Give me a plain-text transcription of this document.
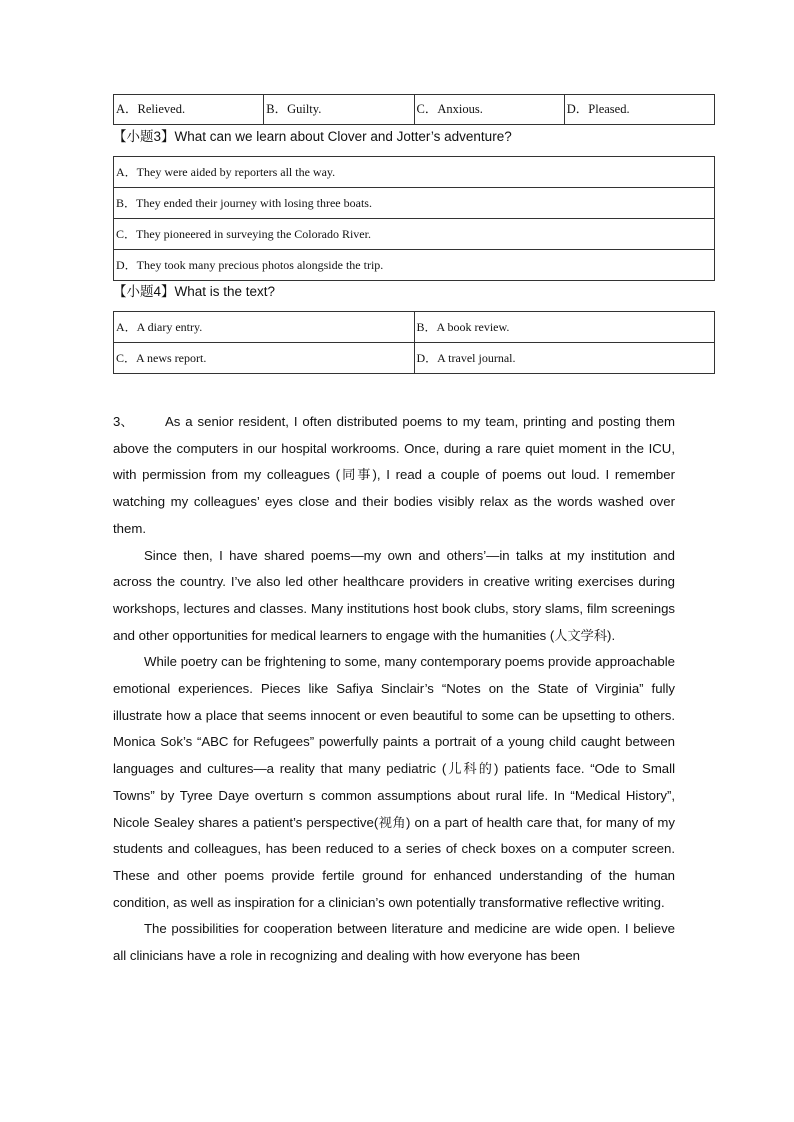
A．Relieved.	B．Guilty.	C．Anxious.	D．Pleased.
【小题3】What can we learn about Clover and Jotter’s adventure?
A．They were aided by reporters all the way.
B．They ended their journey with losing three boats.
C．They pioneered in surveying the Colorado River.
D．They took many precious photos alongside the trip.
【小题4】What is the text?
A．A diary entry.	B．A book review.
C．A news report.	D．A travel journal.

3、 As a senior resident, I often distributed poems to my team, printing and posting them above the computers in our hospital workrooms. Once, during a rare quiet moment in the ICU, with permission from my colleagues (同事), I read a couple of poems out loud. I remember watching my colleagues’ eyes close and their bodies visibly relax as the words washed over them.

Since then, I have shared poems—my own and others’—in talks at my institution and across the country. I’ve also led other healthcare providers in creative writing exercises during workshops, lectures and classes. Many institutions host book clubs, story slams, film screenings and other opportunities for medical learners to engage with the humanities (人文学科).

While poetry can be frightening to some, many contemporary poems provide approachable emotional experiences. Pieces like Safiya Sinclair’s “Notes on the State of Virginia” fully illustrate how a place that seems innocent or even beautiful to some can be upsetting to others. Monica Sok’s “ABC for Refugees” powerfully paints a portrait of a young child caught between languages and cultures—a reality that many pediatric (儿科的) patients face. “Ode to Small Towns” by Tyree Daye overturn s common assumptions about rural life. In “Medical History”, Nicole Sealey shares a patient’s perspective(视角) on a part of health care that, for many of my students and colleagues, has been reduced to a series of check boxes on a computer screen. These and other poems provide fertile ground for enhanced understanding of the human condition, as well as inspiration for a clinician’s own potentially transformative reflective writing.

The possibilities for cooperation between literature and medicine are wide open. I believe all clinicians have a role in recognizing and dealing with how everyone has been
